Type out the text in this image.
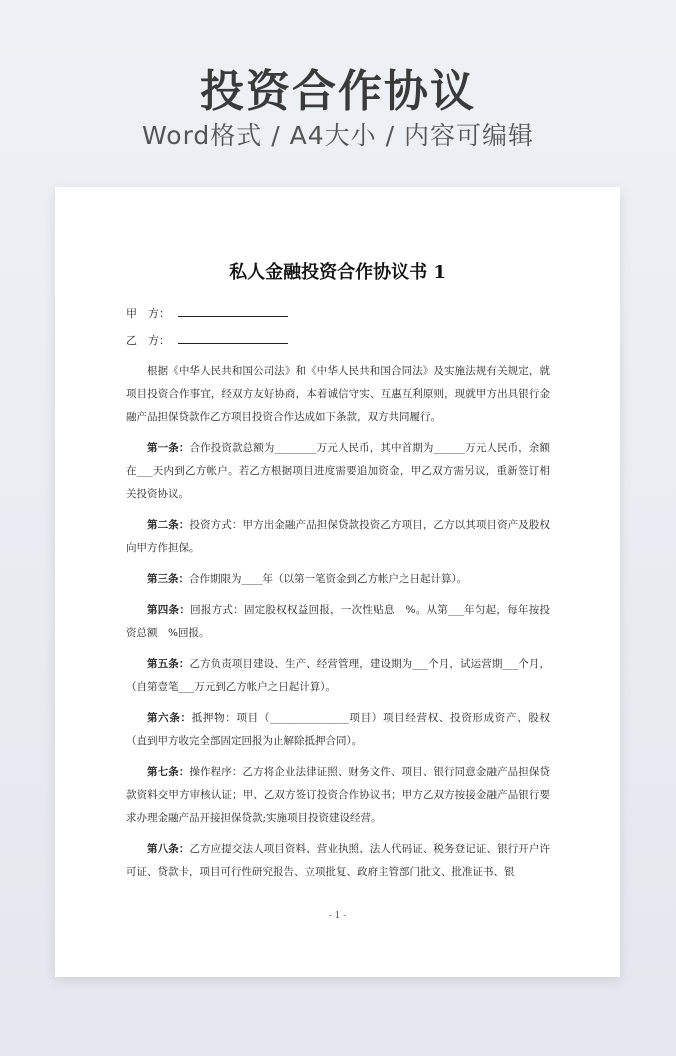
投资合作协议
Word格式 / A4大小 / 内容可编辑
私人金融投资合作协议书 1
甲　方：
乙　方：

根据《中华人民共和国公司法》和《中华人民共和国合同法》及实施法规有关规定，就项目投资合作事宜，经双方友好协商，本着诚信守实、互惠互利原则，现就甲方出具银行金融产品担保贷款作乙方项目投资合作达成如下条款，双方共同履行。

第一条：合作投资款总额为________万元人民币，其中首期为______万元人民币，余额在___天内到乙方帐户。若乙方根据项目进度需要追加资金，甲乙双方需另议，重新签订相关投资协议。

第二条：投资方式：甲方出金融产品担保贷款投资乙方项目，乙方以其项目资产及股权向甲方作担保。

第三条：合作期限为____年（以第一笔资金到乙方帐户之日起计算）。

第四条：回报方式：固定股权权益回报，一次性贴息　%。从第___年匀起，每年按投资总额　%回报。

第五条：乙方负责项目建设、生产、经营管理，建设期为___个月，试运营期___个月，（自第壹笔___万元到乙方帐户之日起计算）。

第六条：抵押物：项目（_______________项目）项目经营权、投资形成资产、股权（直到甲方收完全部固定回报为止解除抵押合同）。

第七条：操作程序：乙方将企业法律证照、财务文件、项目、银行同意金融产品担保贷款资料交甲方审核认证；甲、乙双方签订投资合作协议书；甲方乙双方按接金融产品银行要求办理金融产品开接担保贷款;实施项目投资建设经营。

第八条：乙方应提交法人项目资料、营业执照、法人代码证、税务登记证、银行开户许可证、贷款卡，项目可行性研究报告、立项批复、政府主管部门批文、批准证书、银

- 1 -
